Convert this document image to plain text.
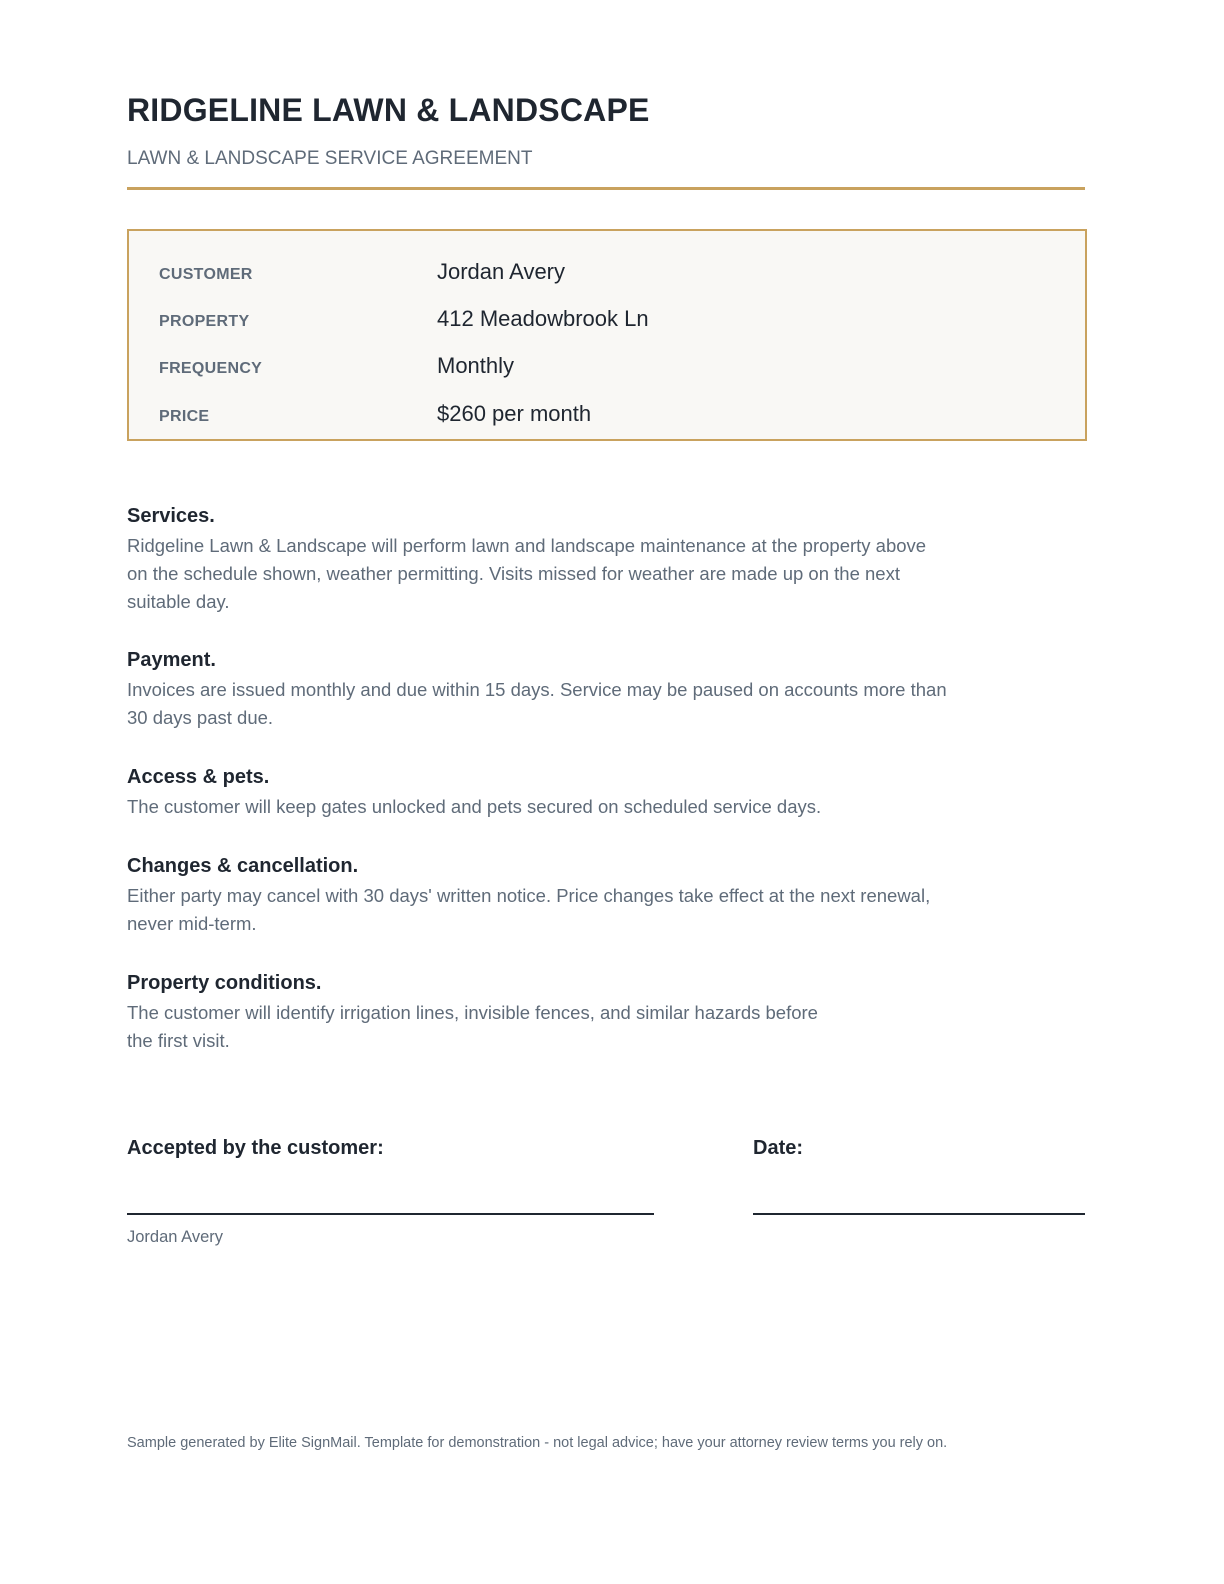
RIDGELINE LAWN & LANDSCAPE
LAWN & LANDSCAPE SERVICE AGREEMENT
CUSTOMER	Jordan Avery
PROPERTY	412 Meadowbrook Ln
FREQUENCY	Monthly
PRICE	$260 per month
Services.

Ridgeline Lawn & Landscape will perform lawn and landscape maintenance at the property above on the schedule shown, weather permitting. Visits missed for weather are made up on the next suitable day.

Payment.

Invoices are issued monthly and due within 15 days. Service may be paused on accounts more than 30 days past due.

Access & pets.

The customer will keep gates unlocked and pets secured on scheduled service days.

Changes & cancellation.

Either party may cancel with 30 days' written notice. Price changes take effect at the next renewal, never mid-term.

Property conditions.

The customer will identify irrigation lines, invisible fences, and similar hazards before the first visit.

Accepted by the customer:	Date:
Jordan Avery
Sample generated by Elite SignMail. Template for demonstration - not legal advice; have your attorney review terms you rely on.
